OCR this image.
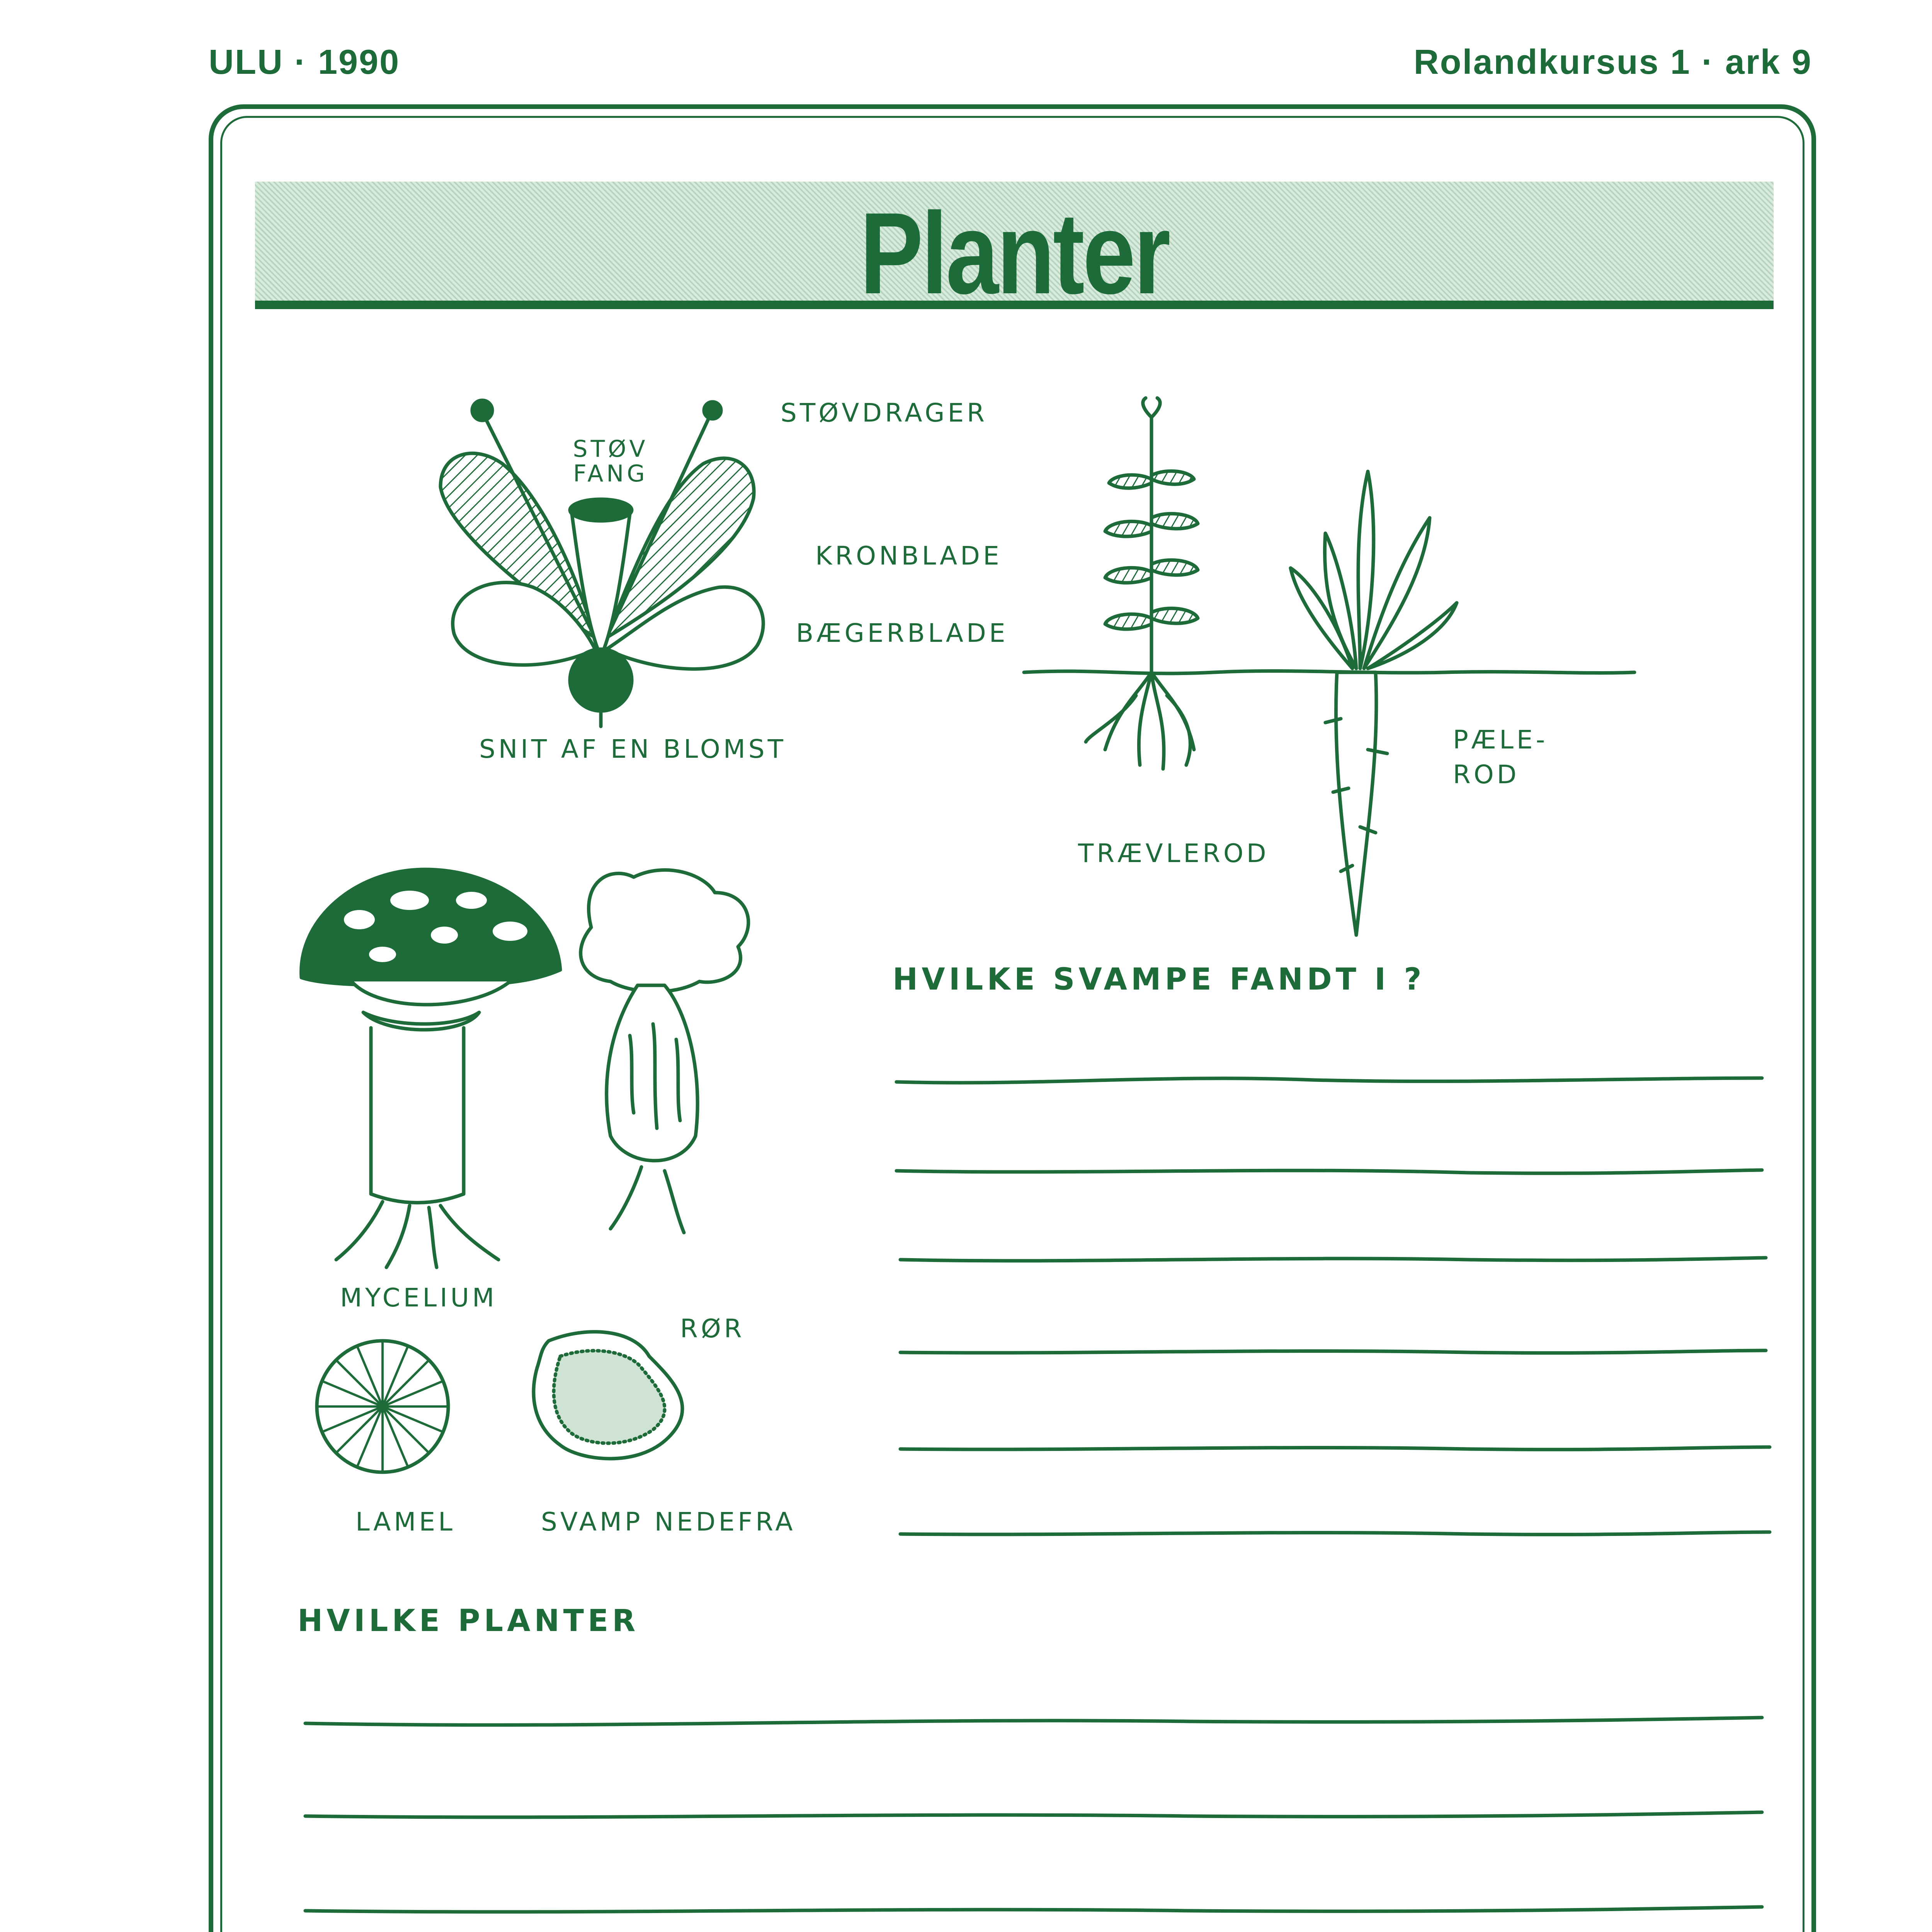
ULU · 1990	Rolandkursus 1 · ark 9
Planter
STØVDRAGER
STØV FANG
KRONBLADE
BÆGERBLADE
SNIT AF EN BLOMST
TRÆVLEROD
PÆLE- ROD
MYCELIUM
RØR
LAMEL	SVAMP NEDEFRA
HVILKE SVAMPE FANDT I ?
HVILKE PLANTER
